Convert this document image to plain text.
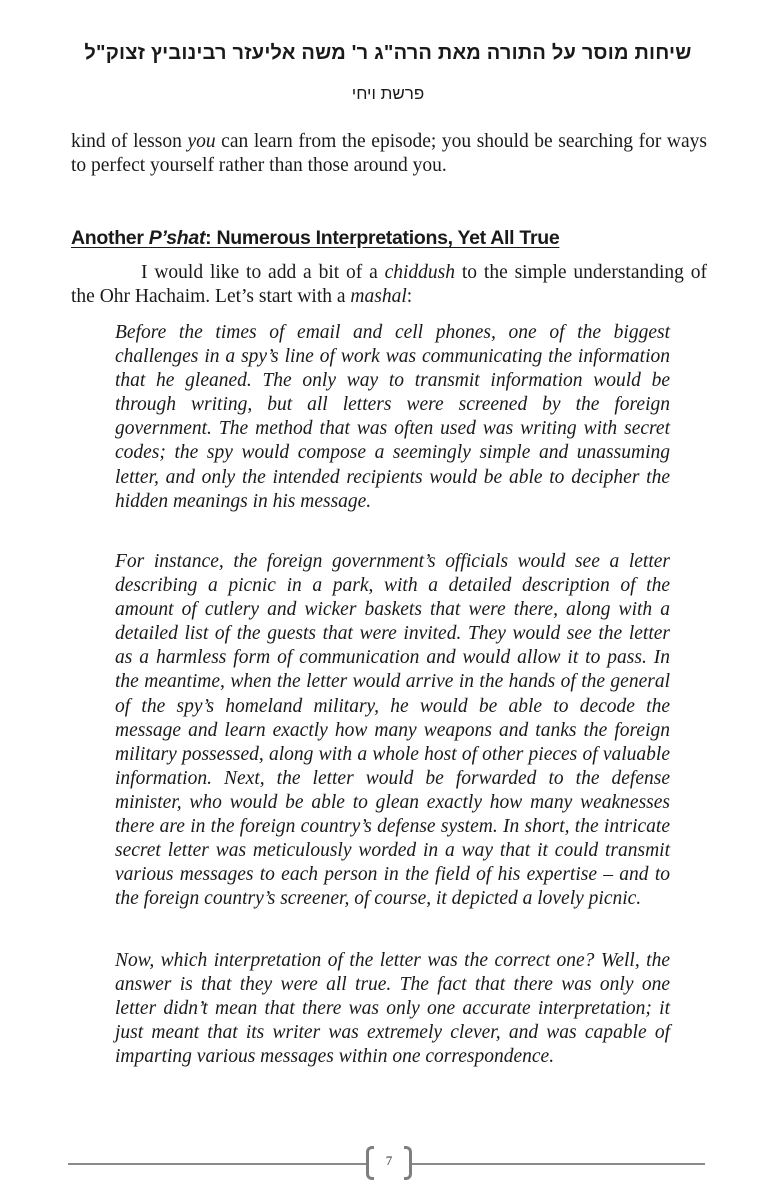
שיחות מוסר על התורה מאת הרה"ג ר' משה אליעזר רבינוביץ זצוק"ל
פרשת ויחי

kind of lesson you can learn from the episode; you should be searching for ways to perfect yourself rather than those around you.

Another P’shat: Numerous Interpretations, Yet All True

I would like to add a bit of a chiddush to the simple understanding of the Ohr Hachaim. Let’s start with a mashal:

Before the times of email and cell phones, one of the biggest challenges in a spy’s line of work was communicating the information that he gleaned. The only way to transmit information would be through writing, but all letters were screened by the foreign government. The method that was often used was writing with secret codes; the spy would compose a seemingly simple and unassuming letter, and only the intended recipients would be able to decipher the hidden meanings in his message.

For instance, the foreign government’s officials would see a letter describing a picnic in a park, with a detailed description of the amount of cutlery and wicker baskets that were there, along with a detailed list of the guests that were invited. They would see the letter as a harmless form of communication and would allow it to pass. In the meantime, when the letter would arrive in the hands of the general of the spy’s homeland military, he would be able to decode the message and learn exactly how many weapons and tanks the foreign military possessed, along with a whole host of other pieces of valuable information. Next, the letter would be forwarded to the defense minister, who would be able to glean exactly how many weaknesses there are in the foreign country’s defense system. In short, the intricate secret letter was meticulously worded in a way that it could transmit various messages to each person in the field of his expertise – and to the foreign country’s screener, of course, it depicted a lovely picnic.

Now, which interpretation of the letter was the correct one? Well, the answer is that they were all true. The fact that there was only one letter didn’t mean that there was only one accurate interpretation; it just meant that its writer was extremely clever, and was capable of imparting various messages within one correspondence.

7
